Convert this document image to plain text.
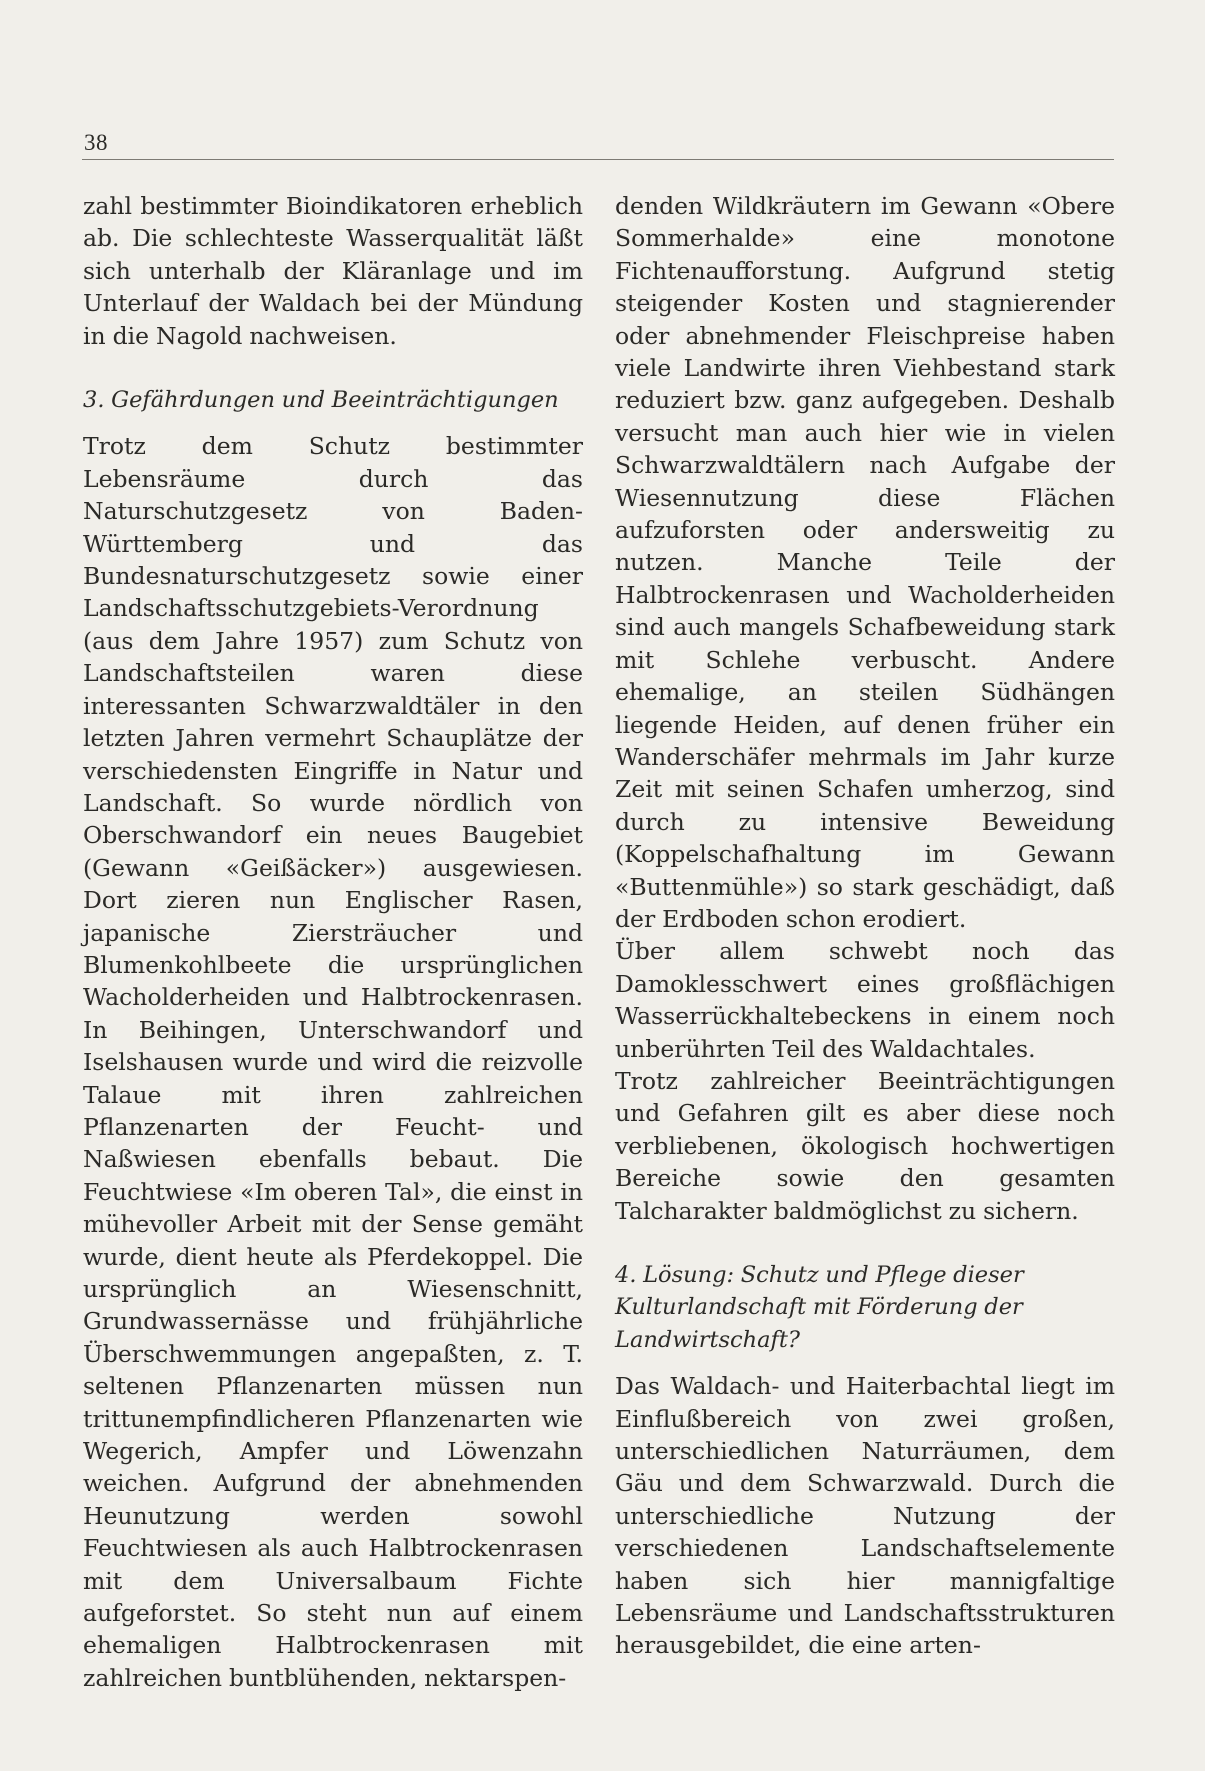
38

zahl bestimmter Bioindikatoren erheblich ab. Die schlechteste Wasserqualität läßt sich unterhalb der Kläranlage und im Unterlauf der Waldach bei der Mündung in die Nagold nachweisen.

3. Gefährdungen und Beeinträchtigungen

Trotz dem Schutz bestimmter Lebensräume durch das Naturschutzgesetz von Baden-Württemberg und das Bundesnaturschutzgesetz sowie einer Landschaftsschutzgebiets-Verordnung (aus dem Jahre 1957) zum Schutz von Landschaftsteilen waren diese interessanten Schwarzwaldtäler in den letzten Jahren vermehrt Schauplätze der verschiedensten Eingriffe in Natur und Landschaft. So wurde nördlich von Oberschwandorf ein neues Baugebiet (Gewann «Geißäcker») ausgewiesen. Dort zieren nun Englischer Rasen, japanische Ziersträucher und Blumenkohlbeete die ursprünglichen Wacholderheiden und Halbtrockenrasen. In Beihingen, Unterschwandorf und Iselshausen wurde und wird die reizvolle Talaue mit ihren zahlreichen Pflanzenarten der Feucht- und Naßwiesen ebenfalls bebaut. Die Feuchtwiese «Im oberen Tal», die einst in mühevoller Arbeit mit der Sense gemäht wurde, dient heute als Pferdekoppel. Die ursprünglich an Wiesenschnitt, Grundwassernässe und frühjährliche Überschwemmungen angepaßten, z. T. seltenen Pflanzenarten müssen nun trittunempfindlicheren Pflanzenarten wie Wegerich, Ampfer und Löwenzahn weichen. Aufgrund der abnehmenden Heunutzung werden sowohl Feuchtwiesen als auch Halbtrockenrasen mit dem Universalbaum Fichte aufgeforstet. So steht nun auf einem ehemaligen Halbtrockenrasen mit zahlreichen buntblühenden, nektarspen-

denden Wildkräutern im Gewann «Obere Sommerhalde» eine monotone Fichtenaufforstung. Aufgrund stetig steigender Kosten und stagnierender oder abnehmender Fleischpreise haben viele Landwirte ihren Viehbestand stark reduziert bzw. ganz aufgegeben. Deshalb versucht man auch hier wie in vielen Schwarzwaldtälern nach Aufgabe der Wiesennutzung diese Flächen aufzuforsten oder andersweitig zu nutzen. Manche Teile der Halbtrockenrasen und Wacholderheiden sind auch mangels Schafbeweidung stark mit Schlehe verbuscht. Andere ehemalige, an steilen Südhängen liegende Heiden, auf denen früher ein Wanderschäfer mehrmals im Jahr kurze Zeit mit seinen Schafen umherzog, sind durch zu intensive Beweidung (Koppelschafhaltung im Gewann «Buttenmühle») so stark geschädigt, daß der Erdboden schon erodiert.

Über allem schwebt noch das Damoklesschwert eines großflächigen Wasserrückhaltebeckens in einem noch unberührten Teil des Waldachtales.

Trotz zahlreicher Beeinträchtigungen und Gefahren gilt es aber diese noch verbliebenen, ökologisch hochwertigen Bereiche sowie den gesamten Talcharakter baldmöglichst zu sichern.

4. Lösung: Schutz und Pflege dieser Kulturlandschaft mit Förderung der Landwirtschaft?

Das Waldach- und Haiterbachtal liegt im Einflußbereich von zwei großen, unterschiedlichen Naturräumen, dem Gäu und dem Schwarzwald. Durch die unterschiedliche Nutzung der verschiedenen Landschaftselemente haben sich hier mannigfaltige Lebensräume und Landschaftsstrukturen herausgebildet, die eine arten-
